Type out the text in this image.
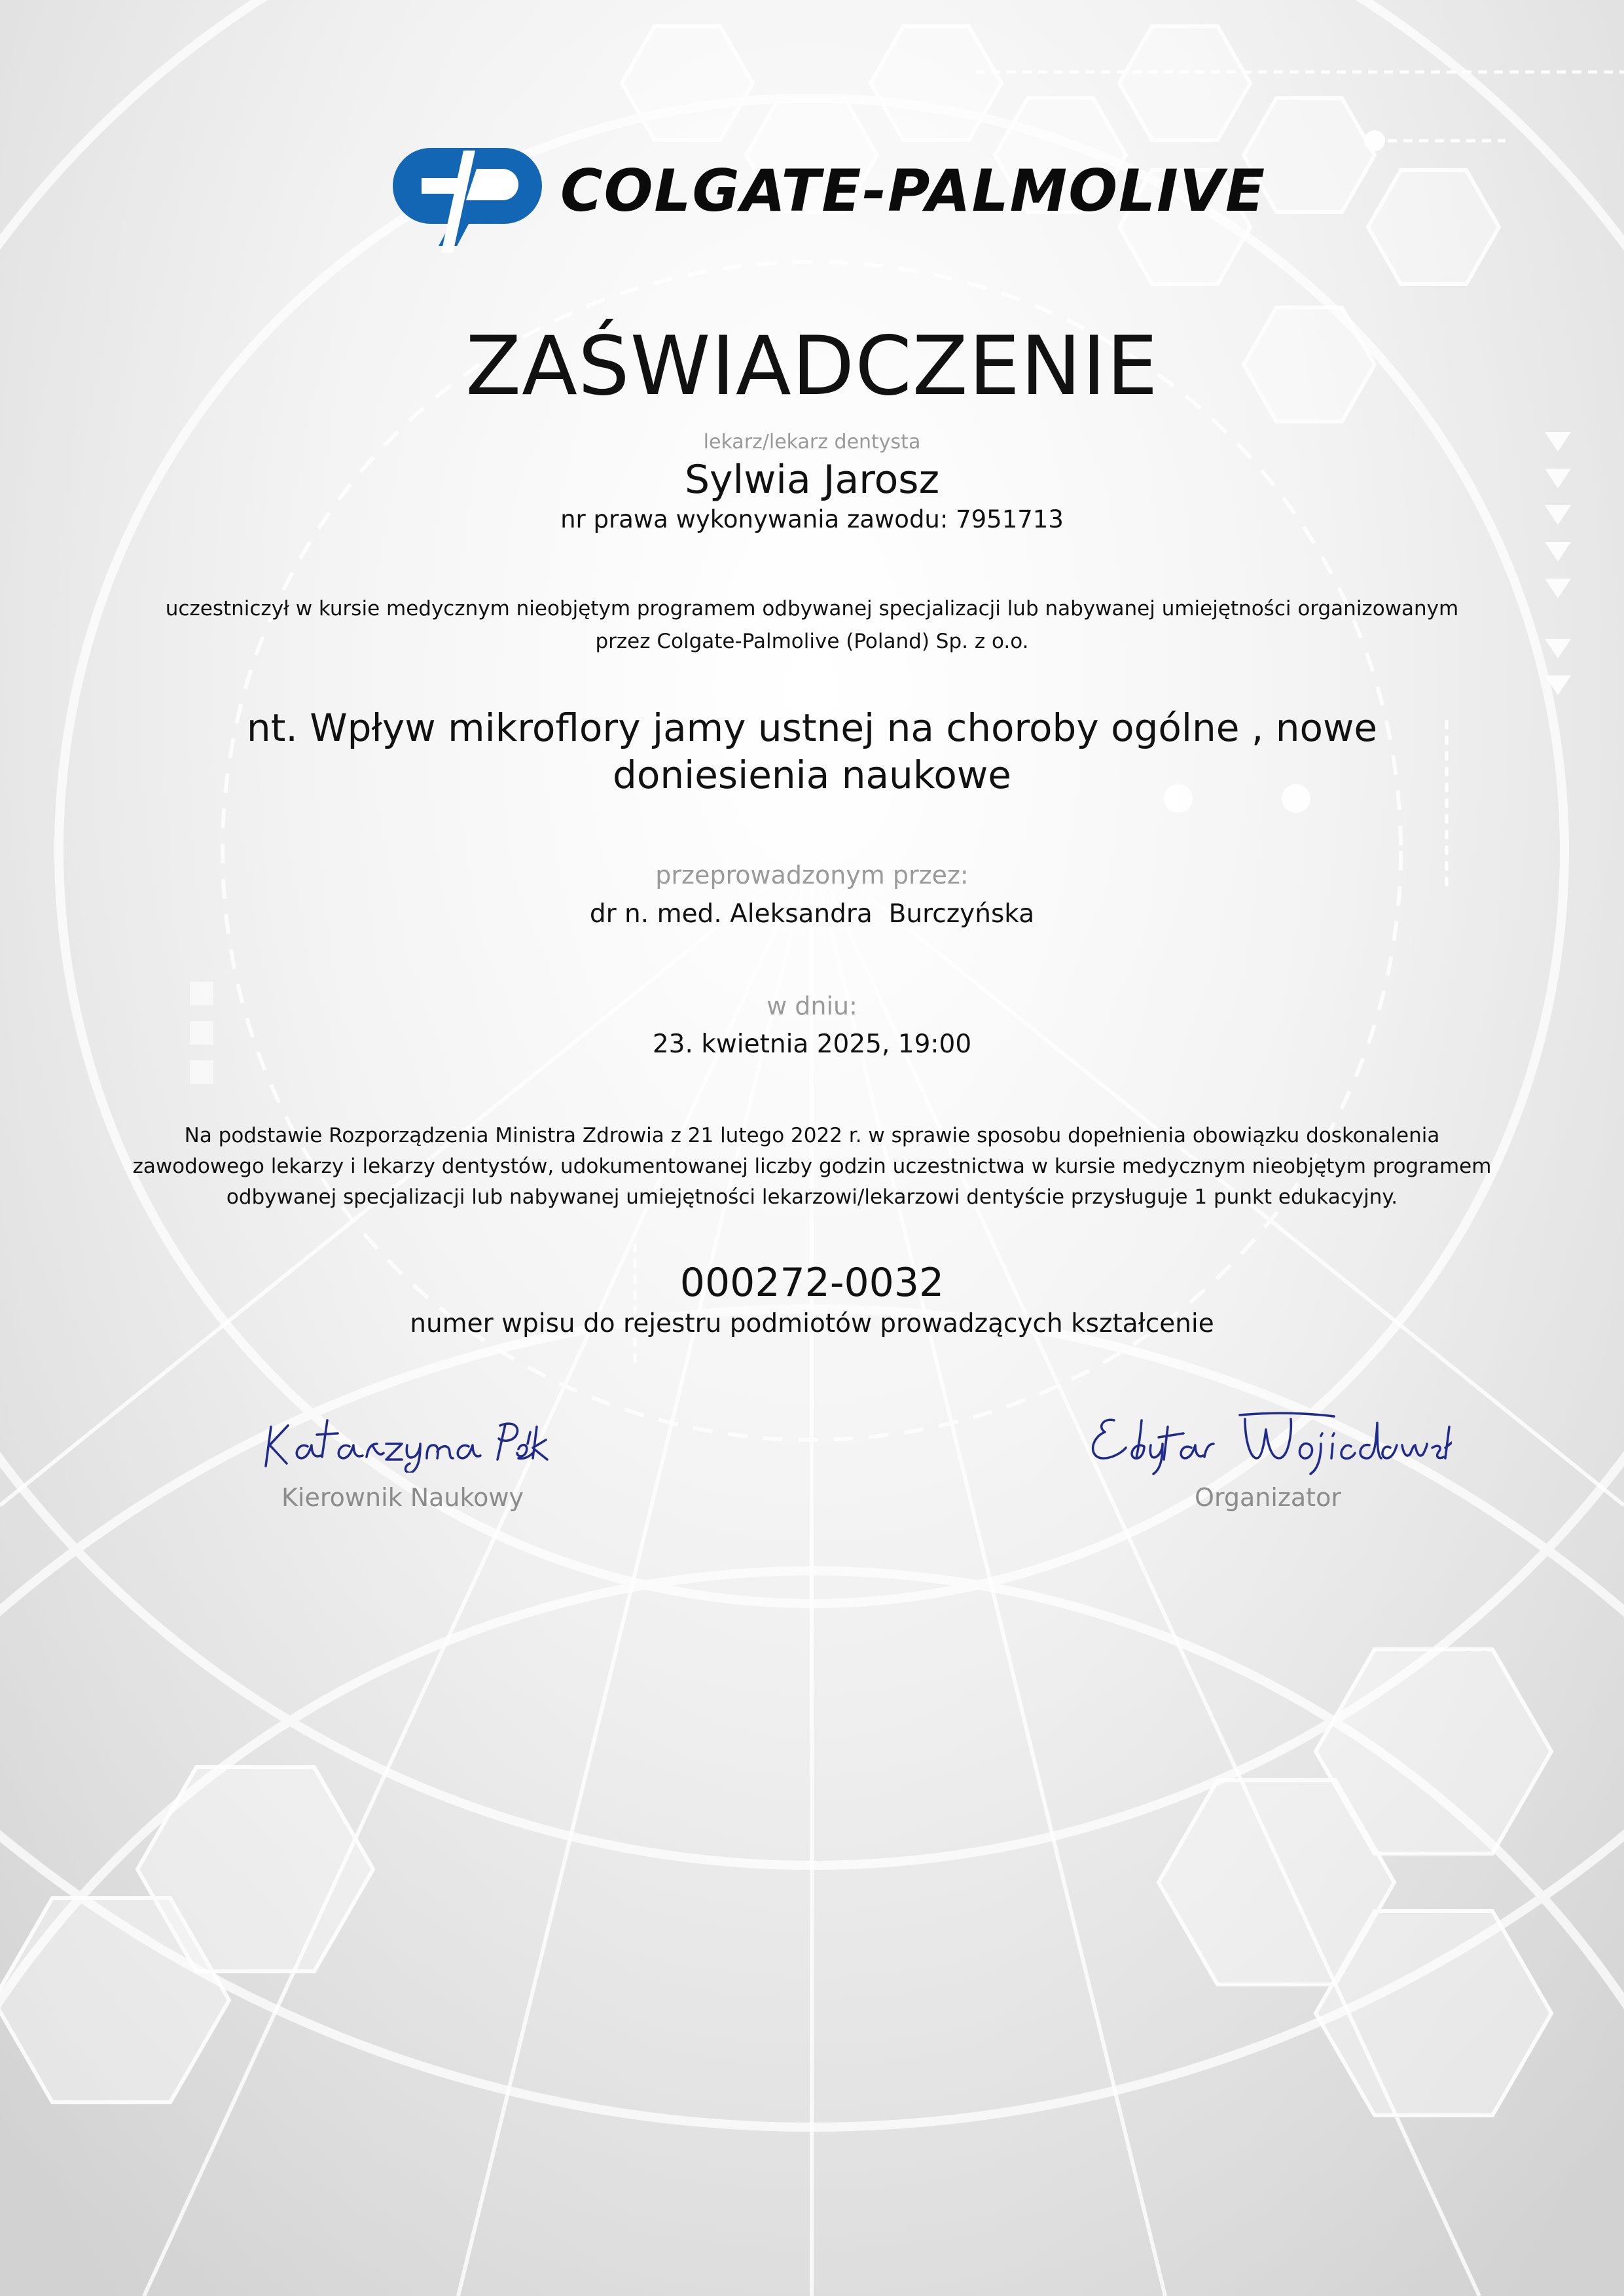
COLGATE-PALMOLIVE
ZAŚWIADCZENIE
lekarz/lekarz dentysta
Sylwia Jarosz
nr prawa wykonywania zawodu: 7951713
uczestniczył w kursie medycznym nieobjętym programem odbywanej specjalizacji lub nabywanej umiejętności organizowanym przez Colgate-Palmolive (Poland) Sp. z o.o.
nt. Wpływ mikroflory jamy ustnej na choroby ogólne , nowe doniesienia naukowe
przeprowadzonym przez:
dr n. med. Aleksandra  Burczyńska
w dniu:
23. kwietnia 2025, 19:00
Na podstawie Rozporządzenia Ministra Zdrowia z 21 lutego 2022 r. w sprawie sposobu dopełnienia obowiązku doskonalenia zawodowego lekarzy i lekarzy dentystów, udokumentowanej liczby godzin uczestnictwa w kursie medycznym nieobjętym programem odbywanej specjalizacji lub nabywanej umiejętności lekarzowi/lekarzowi dentyście przysługuje 1 punkt edukacyjny.
000272-0032
numer wpisu do rejestru podmiotów prowadzących kształcenie
Kierownik Naukowy	Organizator
